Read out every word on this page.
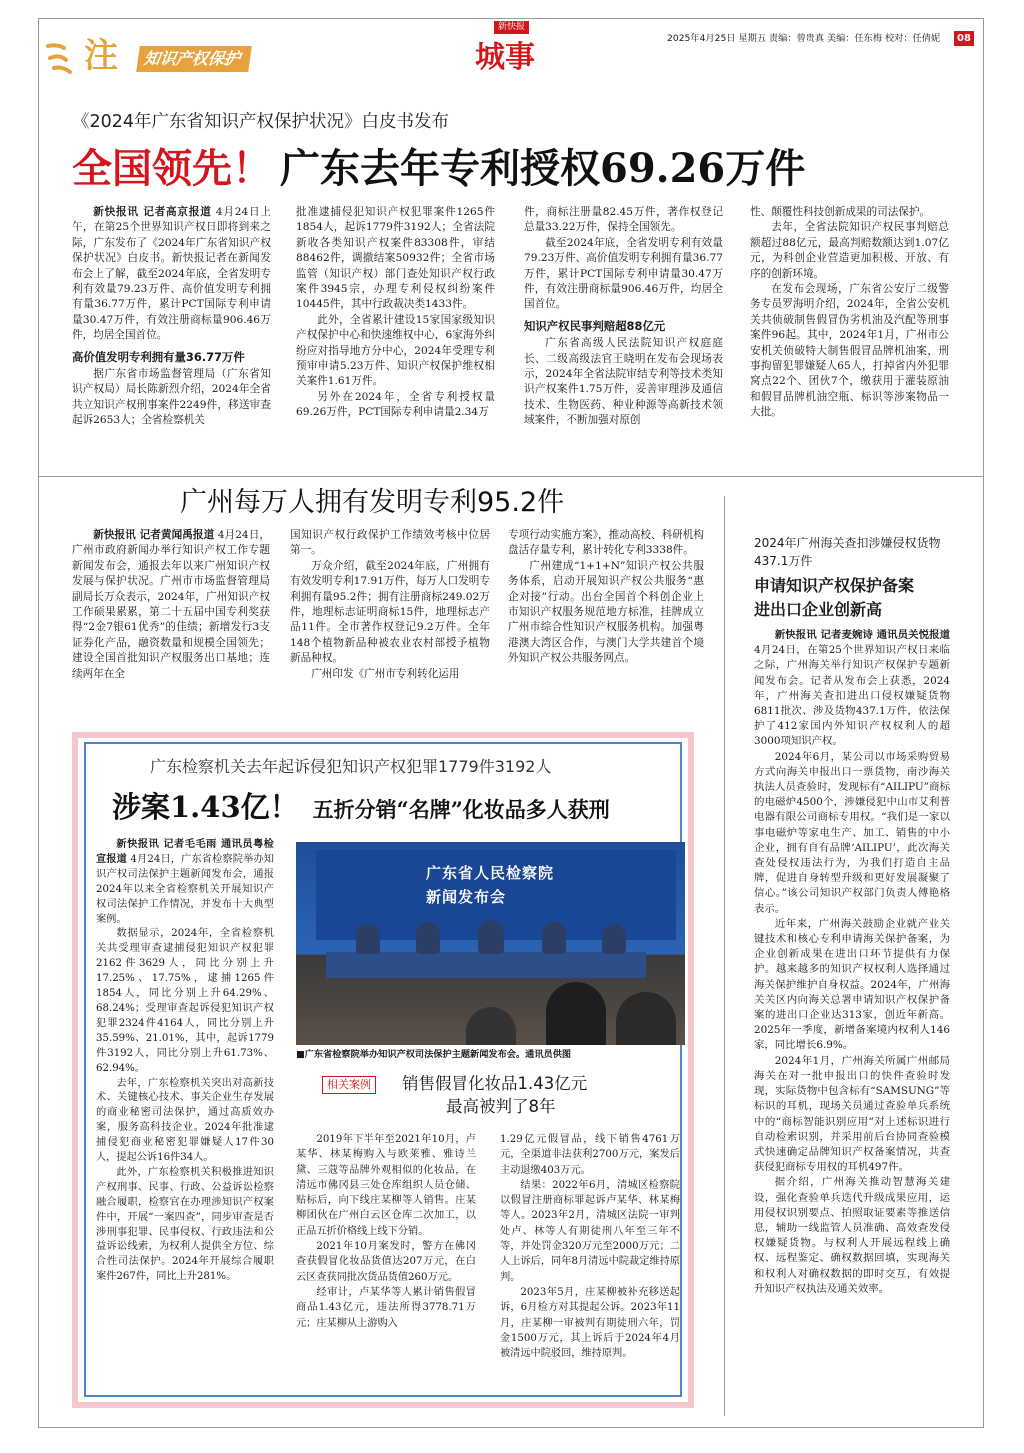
注	知识产权保护
新快报
城事
2025年4月25日 星期五 责编：曾贵真 美编：任东梅 校对：任倩妮	08
《2024年广东省知识产权保护状况》白皮书发布
全国领先！ 广东去年专利授权69.26万件

新快报讯 记者高京报道 4月24日上午，在第25个世界知识产权日即将到来之际，广东发布了《2024年广东省知识产权保护状况》白皮书。新快报记者在新闻发布会上了解，截至2024年底，全省发明专利有效量79.23万件、高价值发明专利拥有量36.77万件，累计PCT国际专利申请量30.47万件，有效注册商标量906.46万件，均居全国首位。

高价值发明专利拥有量36.77万件

据广东省市场监督管理局（广东省知识产权局）局长陈新烈介绍，2024年全省共立知识产权刑事案件2249件，移送审查起诉2653人；全省检察机关

批准逮捕侵犯知识产权犯罪案件1265件1854人，起诉1779件3192人；全省法院新收各类知识产权案件83308件，审结88462件，调撤结案50932件；全省市场监管（知识产权）部门查处知识产权行政案件3945宗，办理专利侵权纠纷案件10445件，其中行政裁决类1433件。

此外，全省累计建设15家国家级知识产权保护中心和快速维权中心，6家海外纠纷应对指导地方分中心，2024年受理专利预审申请5.23万件、知识产权保护维权相关案件1.61万件。

另外在2024年，全省专利授权量69.26万件，PCT国际专利申请量2.34万

件，商标注册量82.45万件，著作权登记总量33.22万件，保持全国领先。

截至2024年底，全省发明专利有效量79.23万件、高价值发明专利拥有量36.77万件，累计PCT国际专利申请量30.47万件，有效注册商标量906.46万件，均居全国首位。

知识产权民事判赔超88亿元

广东省高级人民法院知识产权庭庭长、二级高级法官王晓明在发布会现场表示，2024年全省法院审结专利等技术类知识产权案件1.75万件，妥善审理涉及通信技术、生物医药、种业种源等高新技术领域案件，不断加强对原创

性、颠覆性科技创新成果的司法保护。

去年，全省法院知识产权民事判赔总额超过88亿元，最高判赔数额达到1.07亿元，为科创企业营造更加积极、开放、有序的创新环境。

在发布会现场，广东省公安厅二级警务专员罗海明介绍，2024年，全省公安机关共侦破制售假冒伪劣机油及汽配等刑事案件96起。其中，2024年1月，广州市公安机关侦破特大制售假冒品牌机油案，刑事拘留犯罪嫌疑人65人，打掉省内外犯罪窝点22个、团伙7个，缴获用于灌装原油和假冒品牌机油空瓶、标识等涉案物品一大批。

广州每万人拥有发明专利95.2件

新快报讯 记者黄闻禹报道 4月24日，广州市政府新闻办举行知识产权工作专题新闻发布会，通报去年以来广州知识产权发展与保护状况。广州市市场监督管理局副局长万众表示，2024年，广州知识产权工作硕果累累，第二十五届中国专利奖获得“2金7银61优秀”的佳绩；新增发行3支证券化产品，融资数量和规模全国领先；建设全国首批知识产权服务出口基地；连续两年在全

国知识产权行政保护工作绩效考核中位居第一。

万众介绍，截至2024年底，广州拥有有效发明专利17.91万件，每万人口发明专利拥有量95.2件；拥有注册商标249.02万件，地理标志证明商标15件，地理标志产品11件。全市著作权登记9.2万件。全年148个植物新品种被农业农村部授予植物新品种权。

广州印发《广州市专利转化运用

专项行动实施方案》，推动高校、科研机构盘活存量专利，累计转化专利3338件。

广州建成“1+1+N”知识产权公共服务体系，启动开展知识产权公共服务“惠企对接”行动。出台全国首个科创企业上市知识产权服务规范地方标准，挂牌成立广州市综合性知识产权服务机构。加强粤港澳大湾区合作，与澳门大学共建首个境外知识产权公共服务网点。

广东检察机关去年起诉侵犯知识产权犯罪1779件3192人
涉案1.43亿！ 五折分销“名牌”化妆品多人获刑

新快报讯 记者毛毛雨 通讯员粤检宣报道 4月24日，广东省检察院举办知识产权司法保护主题新闻发布会，通报2024年以来全省检察机关开展知识产权司法保护工作情况，并发布十大典型案例。

数据显示，2024年，全省检察机关共受理审查逮捕侵犯知识产权犯罪2162件3629人，同比分别上升17.25%、17.75%，逮捕1265件1854人，同比分别上升64.29%、68.24%；受理审查起诉侵犯知识产权犯罪2324件4164人，同比分别上升35.59%、21.01%，其中，起诉1779件3192人，同比分别上升61.73%、62.94%。

去年，广东检察机关突出对高新技术、关键核心技术、事关企业生存发展的商业秘密司法保护，通过高质效办案，服务高科技企业。2024年批准逮捕侵犯商业秘密犯罪嫌疑人17件30人，提起公诉16件34人。

此外，广东检察机关积极推进知识产权刑事、民事、行政、公益诉讼检察融合履职，检察官在办理涉知识产权案件中，开展“一案四查”，同步审查是否涉刑事犯罪、民事侵权、行政违法和公益诉讼线索，为权利人提供全方位、综合性司法保护。2024年开展综合履职案件267件，同比上升281%。

广东省人民检察院
新闻发布会
■广东省检察院举办知识产权司法保护主题新闻发布会。通讯员供图
相关案例	销售假冒化妆品1.43亿元
最高被判了8年

2019年下半年至2021年10月，卢某华、林某梅购入与欧莱雅、雅诗兰黛、三蔻等品牌外观相似的化妆品，在清远市佛冈县三处仓库组织人员仓储、贴标后，向下线庄某柳等人销售。庄某柳团伙在广州白云区仓库二次加工，以正品五折价格线上线下分销。

2021年10月案发时，警方在佛冈查获假冒化妆品货值达207万元，在白云区查获同批次货品货值260万元。

经审计，卢某华等人累计销售假冒商品1.43亿元，违法所得3778.71万元；庄某柳从上游购入

1.29亿元假冒品，线下销售4761万元，全渠道非法获利2700万元，案发后主动退缴403万元。

结果：2022年6月，清城区检察院以假冒注册商标罪起诉卢某华、林某梅等人。2023年2月，清城区法院一审判处卢、林等人有期徒刑八年至三年不等，并处罚金320万元至2000万元；二人上诉后，同年8月清远中院裁定维持原判。

2023年5月，庄某柳被补充移送起诉，6月检方对其提起公诉。2023年11月，庄某柳一审被判有期徒刑六年，罚金1500万元，其上诉后于2024年4月被清远中院驳回，维持原判。

2024年广州海关查扣涉嫌侵权货物437.1万件
申请知识产权保护备案
进出口企业创新高

新快报讯 记者麦婉诗 通讯员关悦报道 4月24日，在第25个世界知识产权日来临之际，广州海关举行知识产权保护专题新闻发布会。记者从发布会上获悉，2024年，广州海关查扣进出口侵权嫌疑货物6811批次、涉及货物437.1万件，依法保护了412家国内外知识产权权利人的超3000项知识产权。

2024年6月，某公司以市场采购贸易方式向海关申报出口一票货物，南沙海关执法人员查验时，发现标有“AILIPU”商标的电磁炉4500个，涉嫌侵犯中山市艾利普电器有限公司商标专用权。“我们是一家以事电磁炉等家电生产、加工、销售的中小企业，拥有自有品牌‘AILIPU’，此次海关查处侵权违法行为，为我们打造自主品牌，促进自身转型升级和更好发展凝聚了信心。”该公司知识产权部门负责人傅艳格表示。

近年来，广州海关鼓励企业就产业关键技术和核心专利申请海关保护备案，为企业创新成果在进出口环节提供有力保护。越来越多的知识产权权利人选择通过海关保护维护自身权益。2024年，广州海关关区内向海关总署申请知识产权保护备案的进出口企业达313家，创近年新高。2025年一季度，新增备案境内权利人146家，同比增长6.9%。

2024年1月，广州海关所属广州邮局海关在对一批申报出口的快件查验时发现，实际货物中包含标有“SAMSUNG”等标识的耳机，现场关员通过查验单兵系统中的“商标智能识别应用”对上述标识进行自动检索识别，并采用前后台协同查验模式快速确定品牌知识产权备案情况，共查获侵犯商标专用权的耳机497件。

据介绍，广州海关推动智慧海关建设，强化查验单兵迭代升级成果应用，运用侵权识别要点、拍照取证要素等推送信息，辅助一线监管人员准确、高效查发侵权嫌疑货物。与权利人开展远程线上确权、远程鉴定、确权数据回填，实现海关和权利人对确权数据的即时交互，有效提升知识产权执法及通关效率。
